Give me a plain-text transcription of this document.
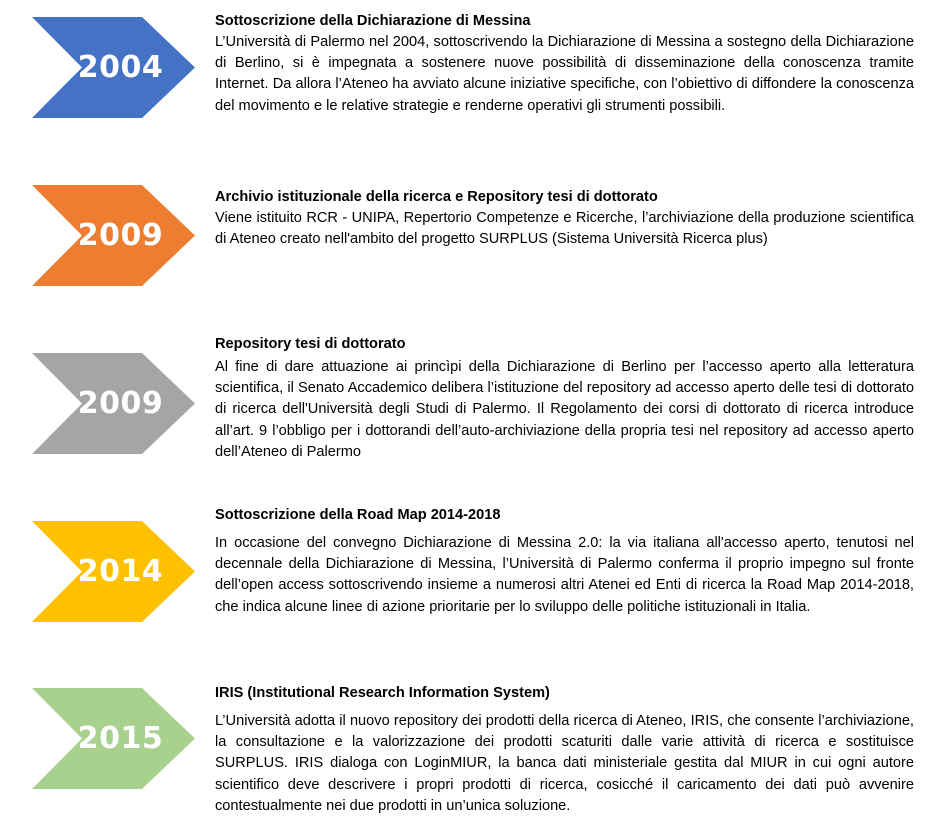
2004

Sottoscrizione della Dichiarazione di Messina

L’Università di Palermo nel 2004, sottoscrivendo la Dichiarazione di Messina a sostegno della Dichiarazione di Berlino, si è impegnata a sostenere nuove possibilità di disseminazione della conoscenza tramite Internet. Da allora l’Ateneo ha avviato alcune iniziative specifiche, con l’obiettivo di diffondere la conoscenza del movimento e le relative strategie e renderne operativi gli strumenti possibili.

2009

Archivio istituzionale della ricerca e Repository tesi di dottorato

Viene istituito RCR - UNIPA, Repertorio Competenze e Ricerche, l’archiviazione della produzione scientifica di Ateneo creato nell'ambito del progetto SURPLUS (Sistema Università Ricerca plus)

2009

Repository tesi di dottorato

Al fine di dare attuazione ai princìpi della Dichiarazione di Berlino per l’accesso aperto alla letteratura scientifica, il Senato Accademico delibera l’istituzione del repository ad accesso aperto delle tesi di dottorato di ricerca dell'Università degli Studi di Palermo. Il Regolamento dei corsi di dottorato di ricerca introduce all’art. 9 l’obbligo per i dottorandi dell’auto-archiviazione della propria tesi nel repository ad accesso aperto dell’Ateneo di Palermo

2014

Sottoscrizione della Road Map 2014-2018

In occasione del convegno Dichiarazione di Messina 2.0: la via italiana all'accesso aperto, tenutosi nel decennale della Dichiarazione di Messina, l’Università di Palermo conferma il proprio impegno sul fronte dell’open access sottoscrivendo insieme a numerosi altri Atenei ed Enti di ricerca la Road Map 2014-2018, che indica alcune linee di azione prioritarie per lo sviluppo delle politiche istituzionali in Italia.

2015

IRIS (Institutional Research Information System)

L’Università adotta il nuovo repository dei prodotti della ricerca di Ateneo, IRIS, che consente l’archiviazione, la consultazione e la valorizzazione dei prodotti scaturiti dalle varie attività di ricerca e sostituisce SURPLUS. IRIS dialoga con LoginMIUR, la banca dati ministeriale gestita dal MIUR in cui ogni autore scientifico deve descrivere i propri prodotti di ricerca, cosicché il caricamento dei dati può avvenire contestualmente nei due prodotti in un’unica soluzione.
